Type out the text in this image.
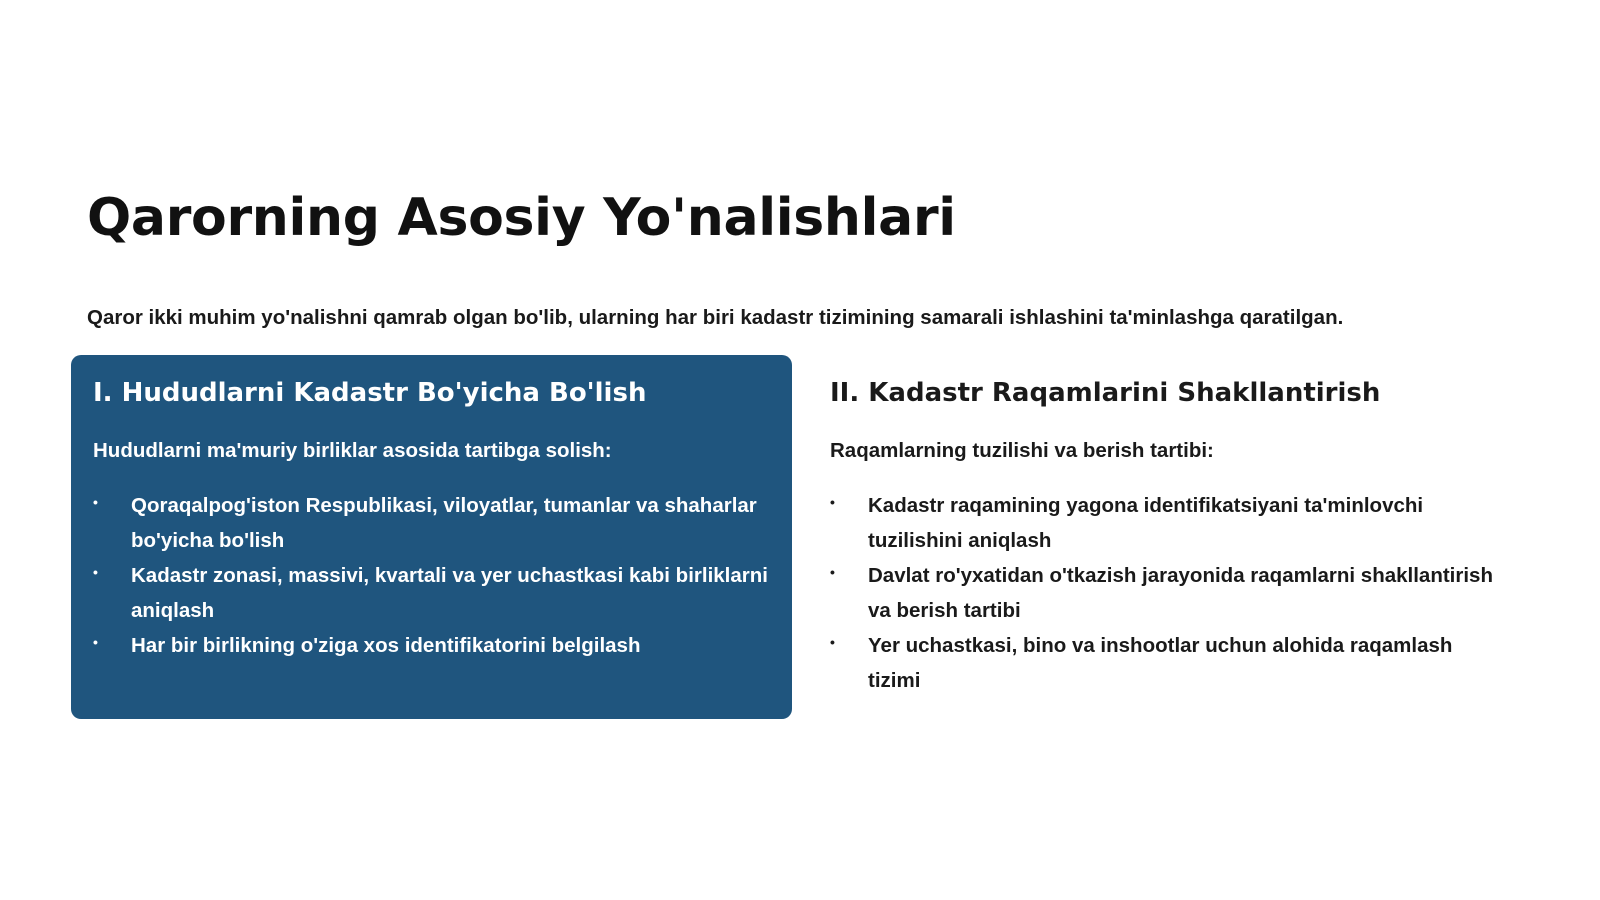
Qarorning Asosiy Yo'nalishlari

Qaror ikki muhim yo'nalishni qamrab olgan bo'lib, ularning har biri kadastr tizimining samarali ishlashini ta'minlashga qaratilgan.

I. Hududlarni Kadastr Bo'yicha Bo'lish

Hududlarni ma'muriy birliklar asosida tartibga solish:

• Qoraqalpog'iston Respublikasi, viloyatlar, tumanlar va shaharlar bo'yicha bo'lish
• Kadastr zonasi, massivi, kvartali va yer uchastkasi kabi birliklarni aniqlash
• Har bir birlikning o'ziga xos identifikatorini belgilash
II. Kadastr Raqamlarini Shakllantirish

Raqamlarning tuzilishi va berish tartibi:

• Kadastr raqamining yagona identifikatsiyani ta'minlovchi tuzilishini aniqlash
• Davlat ro'yxatidan o'tkazish jarayonida raqamlarni shakllantirish va berish tartibi
• Yer uchastkasi, bino va inshootlar uchun alohida raqamlash tizimi
